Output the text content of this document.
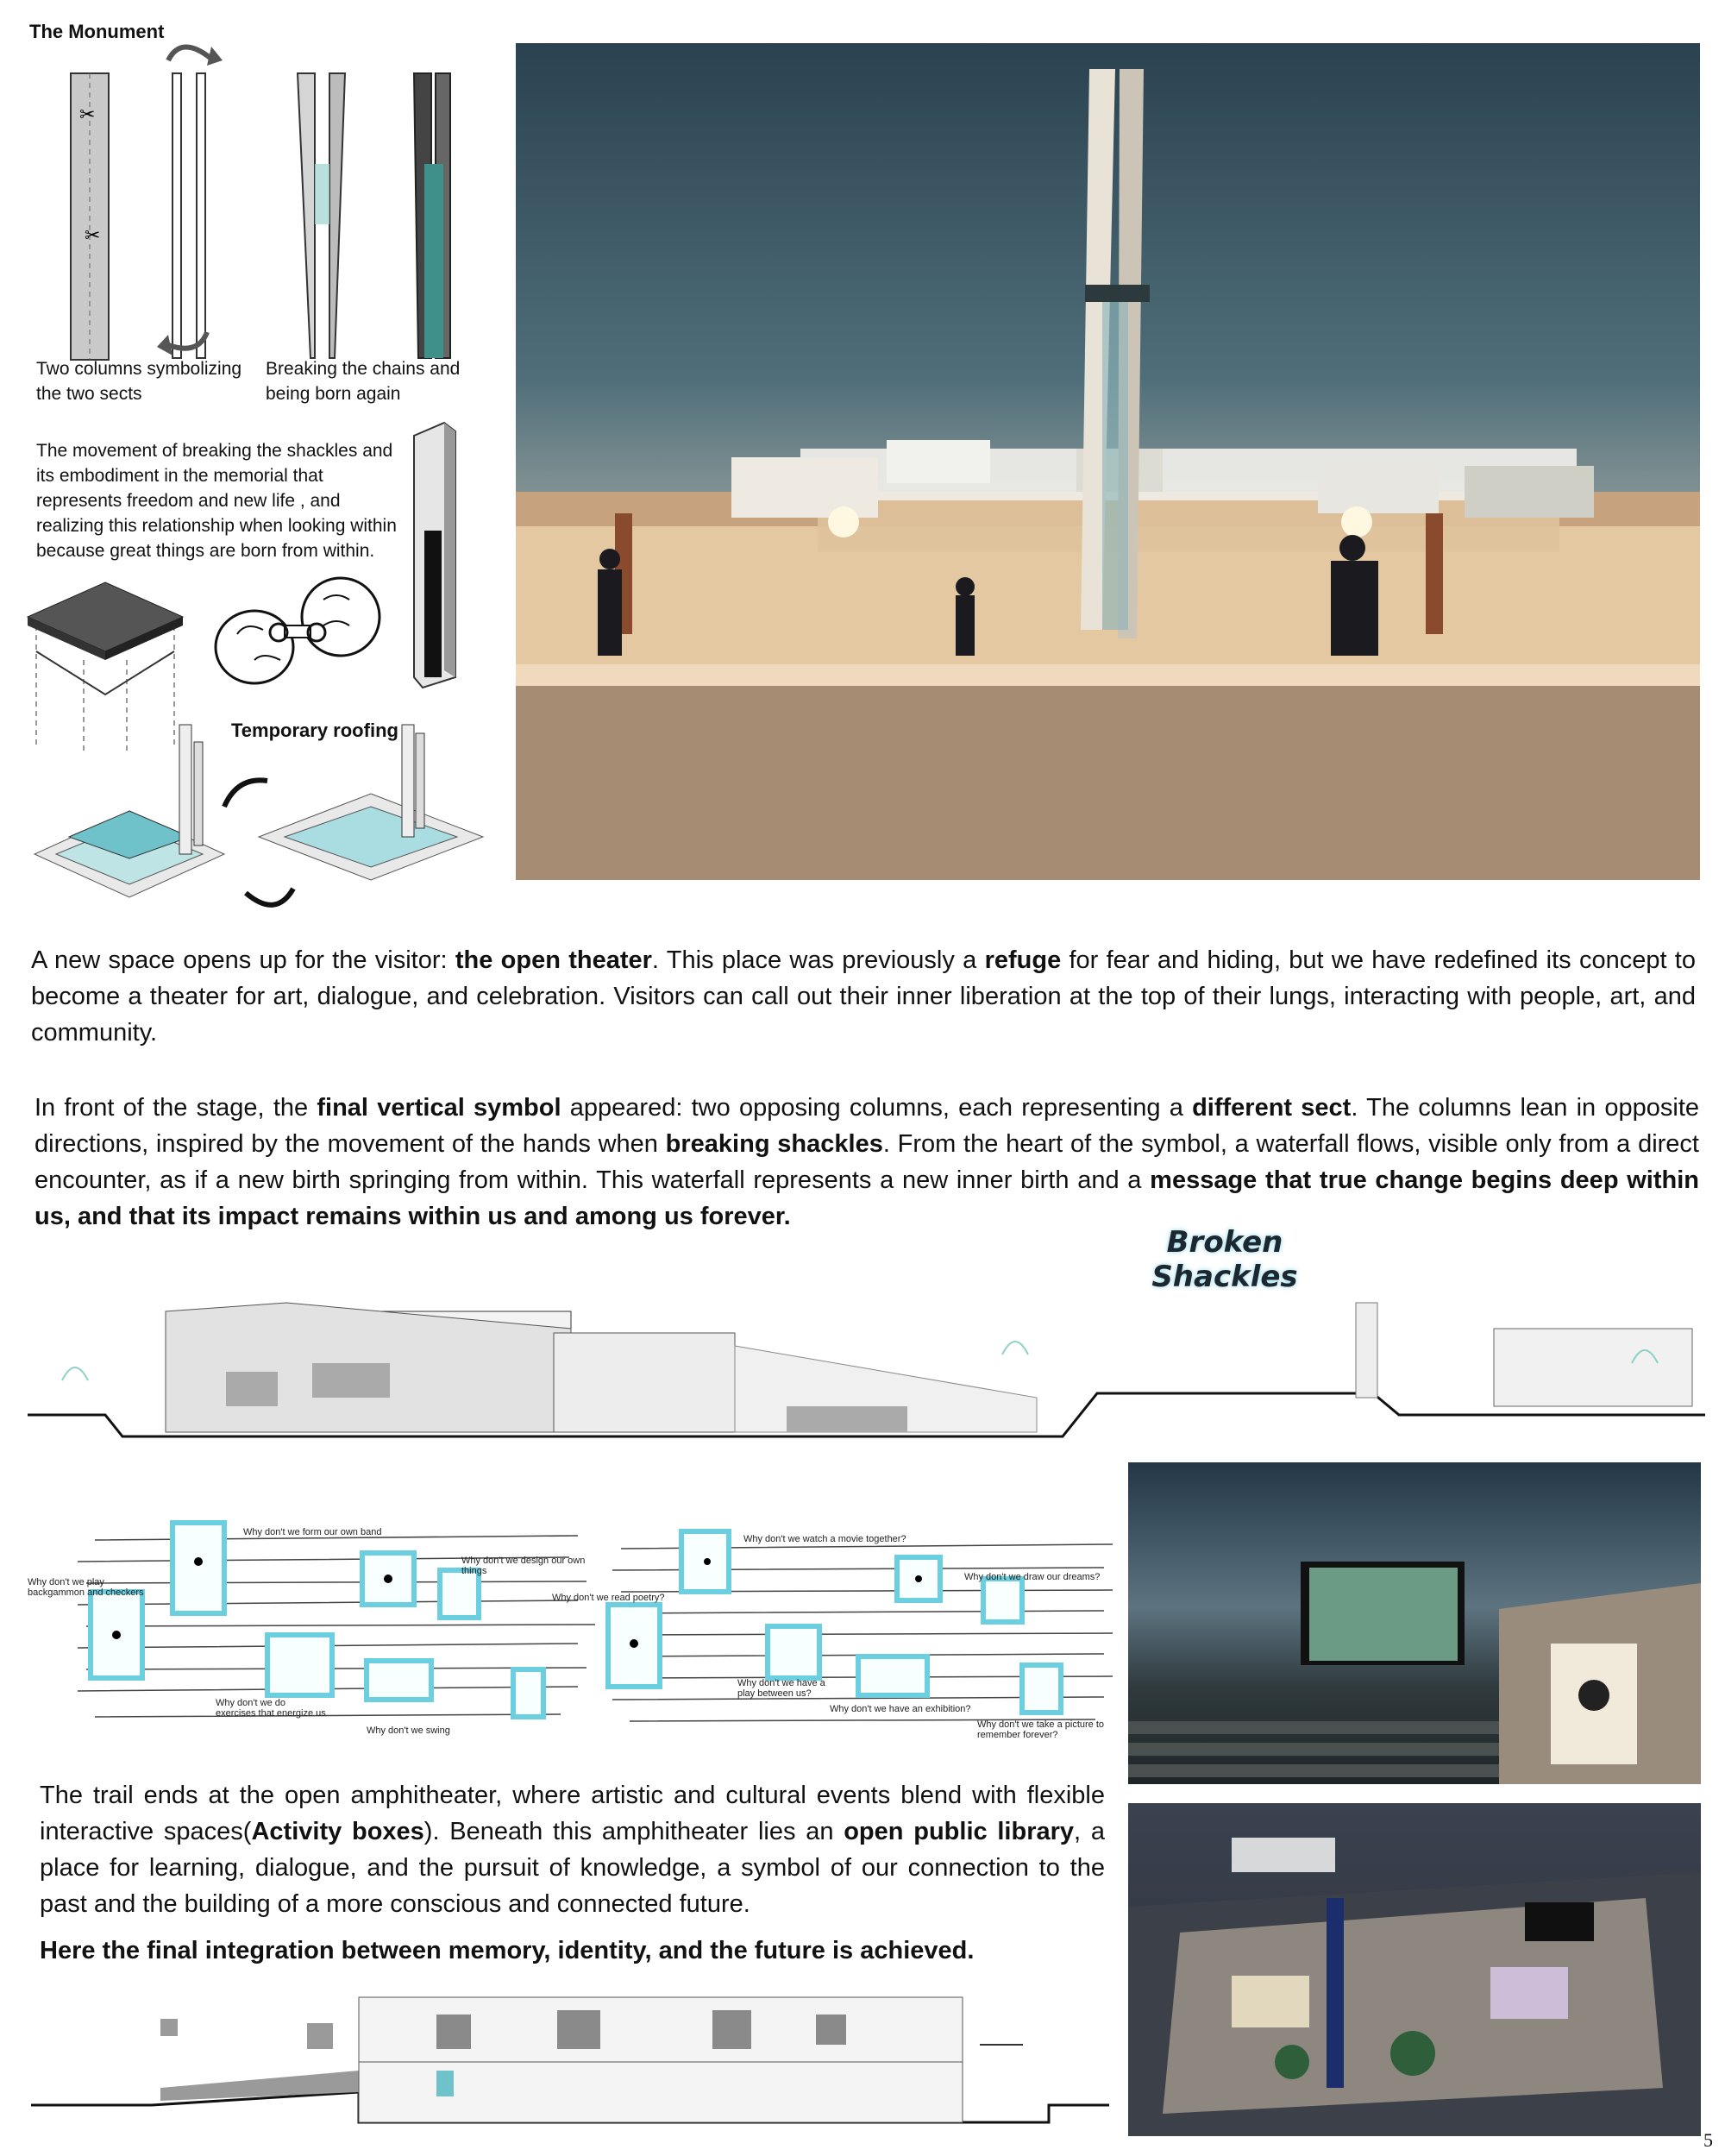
The Monument
✂
✂
Two columns symbolizing the two sects
Breaking the chains and being born again
The movement of breaking the shackles and its embodiment in the memorial that represents freedom and new life , and realizing this relationship when looking within because great things are born from within.
Temporary roofing

A new space opens up for the visitor: the open theater. This place was previously a refuge for fear and hiding, but we have redefined its concept to become a theater for art, dialogue, and celebration. Visitors can call out their inner liberation at the top of their lungs, interacting with people, art, and community.

In front of the stage, the final vertical symbol appeared: two opposing columns, each representing a different sect. The columns lean in opposite directions, inspired by the movement of the hands when breaking shackles. From the heart of the symbol, a waterfall flows, visible only from a direct encounter, as if a new birth springing from within. This waterfall represents a new inner birth and a message that true change begins deep within us, and that its impact remains within us and among us forever.

Broken
Shackles
Why don't we form our own band
Why don't we play backgammon and checkers
Why don't we design our own things
Why don't we read poetry?
Why don't we do exercises that energize us
Why don't we swing
Why don't we watch a movie together?
Why don't we draw our dreams?
Why don't we have a play between us?
Why don't we have an exhibition?
Why don't we take a picture to remember forever?

The trail ends at the open amphitheater, where artistic and cultural events blend with flexible interactive spaces(Activity boxes). Beneath this amphitheater lies an open public library, a place for learning, dialogue, and the pursuit of knowledge, a symbol of our connection to the past and the building of a more conscious and connected future.

Here the final integration between memory, identity, and the future is achieved.

5
